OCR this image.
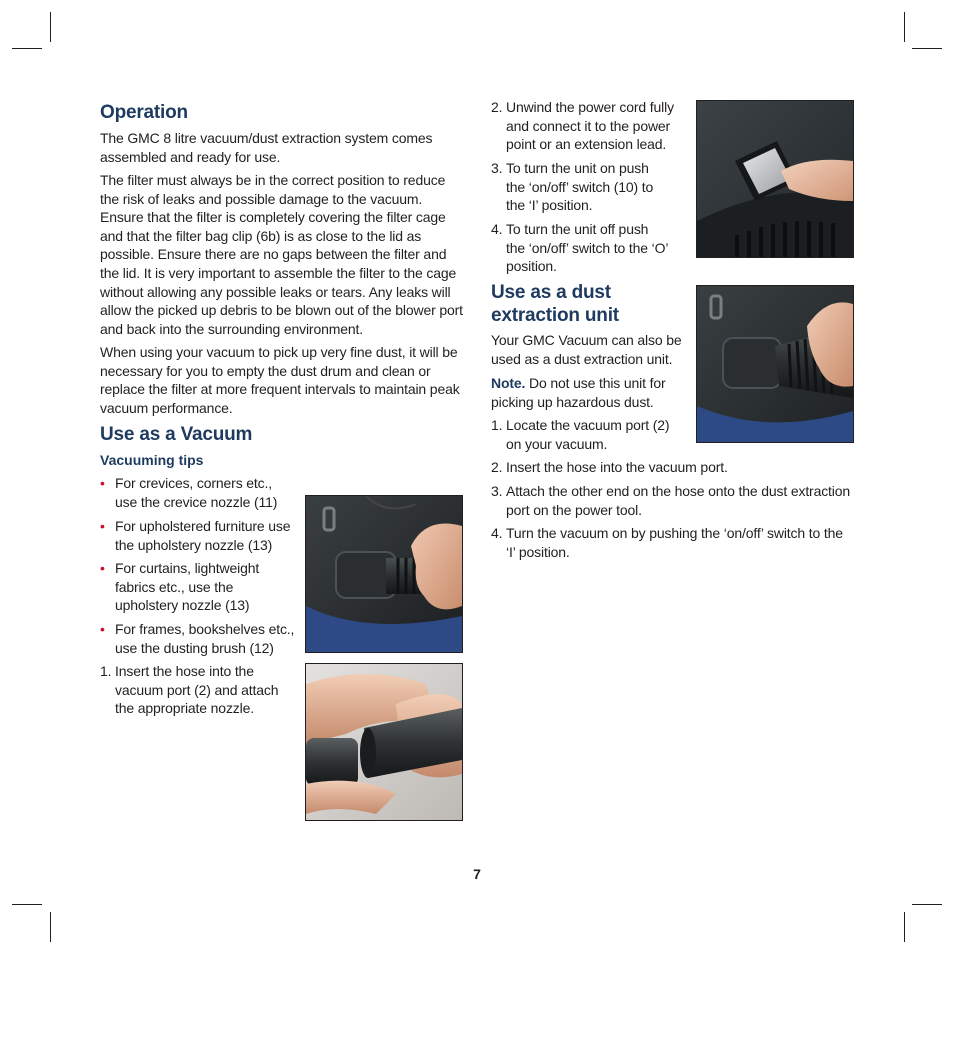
Operation

The GMC 8 litre vacuum/dust extraction system comes assembled and ready for use.

The filter must always be in the correct position to reduce the risk of leaks and possible damage to the vacuum. Ensure that the filter is completely covering the filter cage and that the filter bag clip (6b) is as close to the lid as possible. Ensure there are no gaps between the filter and the lid. It is very important to assemble the filter to the cage without allowing any possible leaks or tears. Any leaks will allow the picked up debris to be blown out of the blower port and back into the surrounding environment.

When using your vacuum to pick up very fine dust, it will be necessary for you to empty the dust drum and clean or replace the filter at more frequent intervals to maintain peak vacuum performance.

Use as a Vacuum
Vacuuming tips
• For crevices, corners etc., use the crevice nozzle (11)
• For upholstered furniture use the upholstery nozzle (13)
• For curtains, lightweight fabrics etc., use the upholstery nozzle (13)
• For frames, bookshelves etc., use the dusting brush (12)
1. Insert the hose into the vacuum port (2) and attach the appropriate nozzle.
2. Unwind the power cord fully and connect it to the power point or an extension lead.
3. To turn the unit on push the ‘on/off’ switch (10) to the ‘I’ position.
4. To turn the unit off push the ‘on/off’ switch to the ‘O’ position.
Use as a dust
extraction unit

Your GMC Vacuum can also be used as a dust extraction unit.

Note. Do not use this unit for picking up hazardous dust.

1. Locate the vacuum port (2) on your vacuum.
2. Insert the hose into the vacuum port.
3. Attach the other end on the hose onto the dust extraction port on the power tool.
4. Turn the vacuum on by pushing the ‘on/off’ switch to the ‘I’ position.
7
